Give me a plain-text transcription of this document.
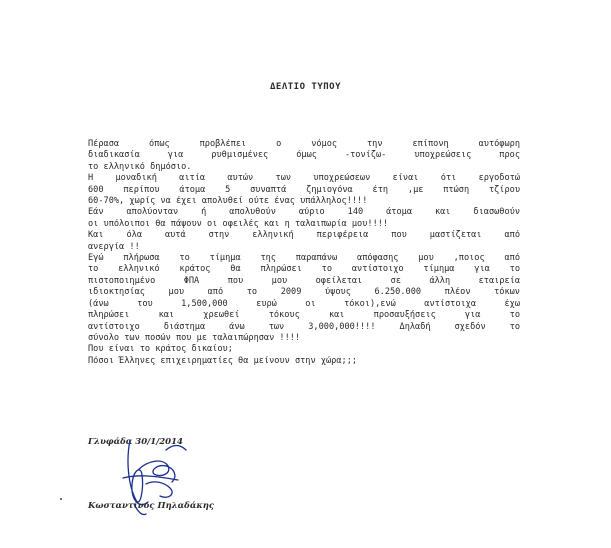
ΔΕΛΤΙΟ ΤΥΠΟΥ
Πέρασα όπως προβλέπει ο νόμος την επίπονη αυτόφωρη
διαδικασία για ρυθμισμένες όμως -τονίζω- υποχρεώσεις προς
το ελληνικό δημόσιο.
Η μοναδική αιτία αυτών των υποχρεώσεων είναι ότι εργοδοτώ
600 περίπου άτομα 5 συναπτά ζημιογόνα έτη ,με πτώση τζίρου
60-70%, χωρίς να έχει απολυθεί ούτε ένας υπάλληλος!!!!
Εάν απολύονταν ή απολυθούν αύριο 140 άτομα και διασωθούν
οι υπόλοιποι θα πάψουν οι οφειλές και η ταλαιπωρία μου!!!!
Και όλα αυτά στην ελληνική περιφέρεια που μαστίζεται από
ανεργία !!
Εγώ πλήρωσα το τίμημα της παραπάνω απόφασης μου ,ποιος από
το ελληνικό κράτος θα πληρώσει το αντίστοιχο τίμημα για το
πιστοποιημένο ΦΠΑ που μου οφείλεται σε άλλη εταιρεία
ιδιοκτησίας μου από το 2009 ύψους 6.250.000 πλέον τόκων
(άνω του 1,500,000 ευρώ οι τόκοι),ενώ αντίστοιχα έχω
πληρώσει και χρεωθεί τόκους και προσαυξήσεις για το
αντίστοιχο διάστημα άνω των 3,000,000!!!! Δηλαδή σχεδόν το
σύνολο των ποσών που με ταλαιπώρησαν !!!!
Που είναι το κράτος δικαίου;
Πόσοι Έλληνες επιχειρηματίες θα μείνουν στην χώρα;;;
Γλυφάδα 30/1/2014
Κωσταντίνος Πηλαδάκης
